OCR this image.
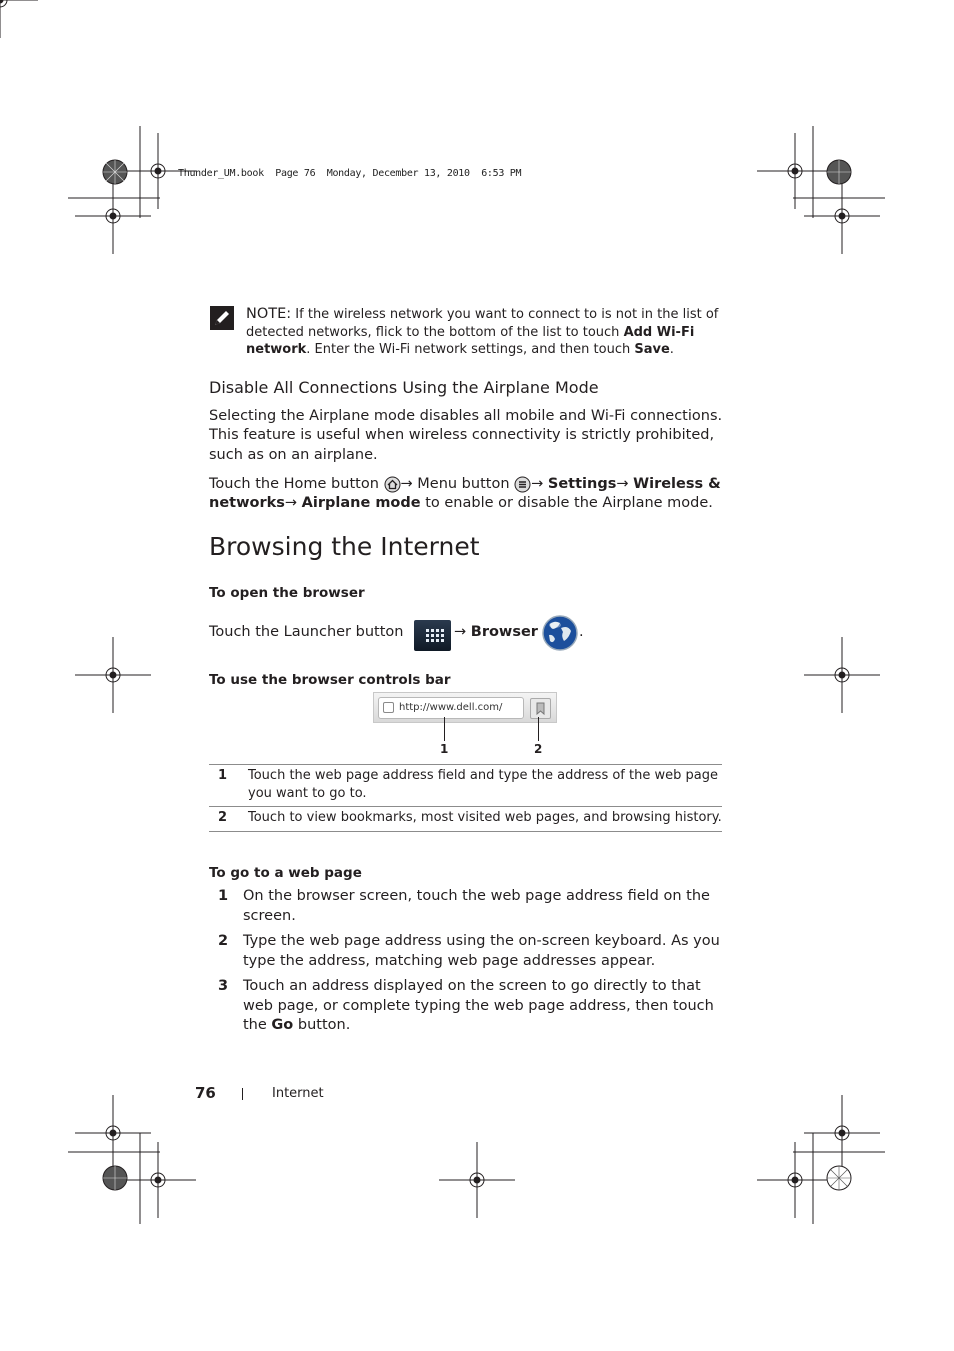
Thunder_UM.book  Page 76  Monday, December 13, 2010  6:53 PM
NOTE: If the wireless network you want to connect to is not in the list of detected networks, flick to the bottom of the list to touch Add Wi-Fi network. Enter the Wi-Fi network settings, and then touch Save.
Disable All Connections Using the Airplane Mode
Selecting the Airplane mode disables all mobile and Wi-Fi connections. This feature is useful when wireless connectivity is strictly prohibited, such as on an airplane.
Touch the Home button → Menu button → Settings→ Wireless & networks→ Airplane mode to enable or disable the Airplane mode.
Browsing the Internet
To open the browser
Touch the Launcher button	→ Browser	.
To use the browser controls bar
http://www.dell.com/
1	2
1	Touch the web page address field and type the address of the web page you want to go to.
2	Touch to view bookmarks, most visited web pages, and browsing history.
To go to a web page
1 On the browser screen, touch the web page address field on the screen.
2 Type the web page address using the on-screen keyboard. As you type the address, matching web page addresses appear.
3 Touch an address displayed on the screen to go directly to that web page, or complete typing the web page address, then touch the Go button.
76	Internet
